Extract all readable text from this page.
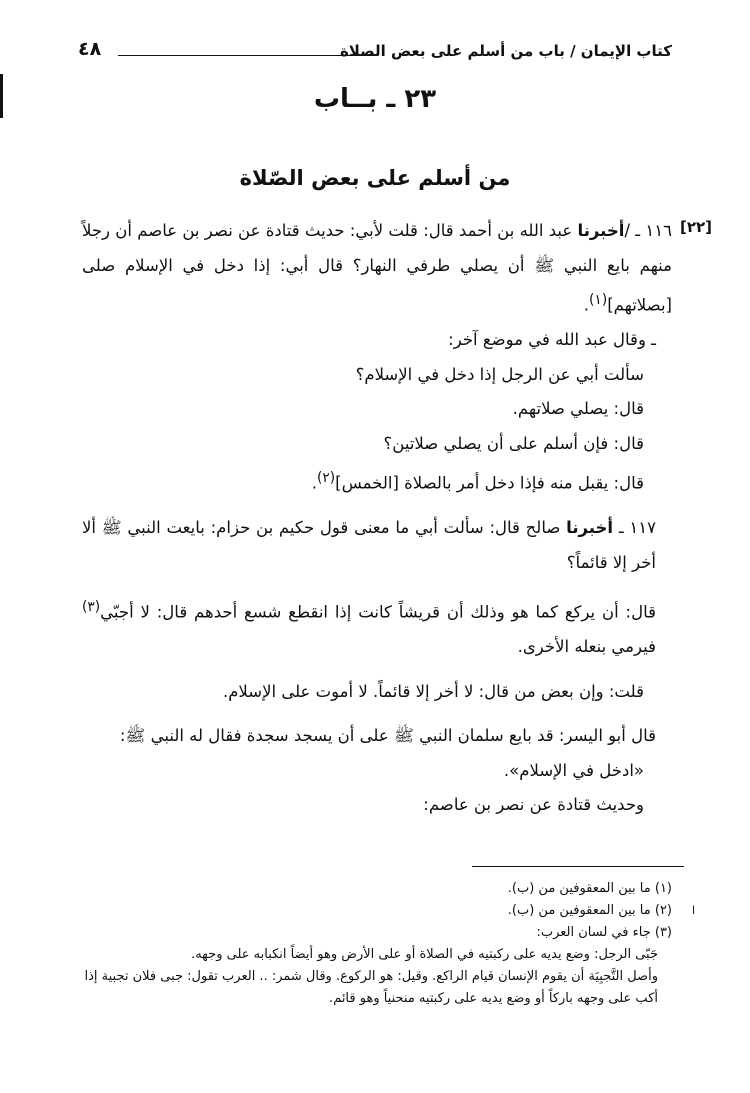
كتاب الإيمان / باب من أسلم على بعض الصلاة
٤٨
٢٣ ـ بــاب
من أسلم على بعض الصّلاة
[٢٢]

١١٦ ـ /أخبرنا عبد الله بن أحمد قال: قلت لأبي: حديث قتادة عن نصر بن عاصم أن رجلاً منهم بايع النبي ﷺ أن يصلي طرفي النهار؟ قال أبي: إذا دخل في الإسلام صلى [بصلاتهم]$^{(١)}$.

ـ وقال عبد الله في موضع آخر:

سألت أبي عن الرجل إذا دخل في الإسلام؟

قال: يصلي صلاتهم.

قال: فإن أسلم على أن يصلي صلاتين؟

قال: يقبل منه فإذا دخل أمر بالصلاة [الخمس]$^{(٢)}$.

١١٧ ـ أخبرنا صالح قال: سألت أبي ما معنى قول حكيم بن حزام: بايعت النبي ﷺ ألا أخر إلا قائماً؟

قال: أن يركع كما هو وذلك أن قريشاً كانت إذا انقطع شسع أحدهم قال: لا أجبّي$^{(٣)}$ فيرمي بنعله الأخرى.

قلت: وإن بعض من قال: لا أخر إلا قائماً. لا أموت على الإسلام.

قال أبو اليسر: قد بايع سلمان النبي ﷺ على أن يسجد سجدة فقال له النبي ﷺ:

«ادخل في الإسلام».

وحديث قتادة عن نصر بن عاصم:

ا

(١) ما بين المعقوفين من (ب).

(٢) ما بين المعقوفين من (ب).

(٣) جاء في لسان العرب:

جَبّى الرجل: وضع يديه على ركبتيه في الصلاة أو على الأرض وهو أيضاً انكبابه على وجهه.

وأصل التَّجبِيَة أن يقوم الإنسان قيام الراكع. وقيل: هو الركوع. وقال شمر: .. العرب تقول: جبى فلان تجبية إذا أكب على وجهه باركاً أو وضع يديه على ركبتيه منحنياً وهو قائم.
